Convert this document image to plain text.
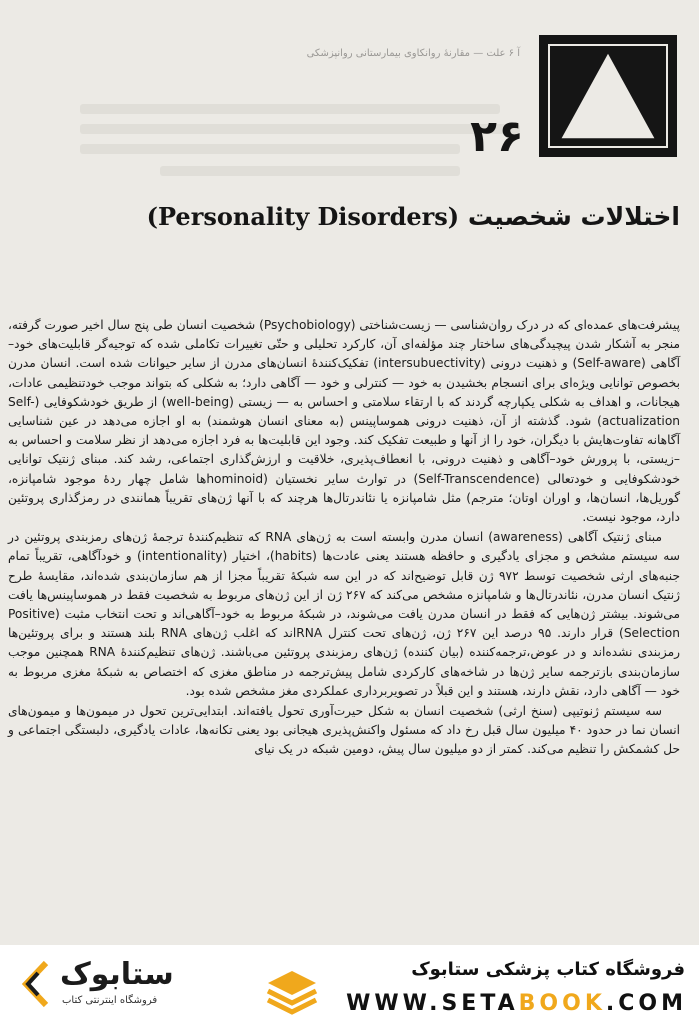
آ ۶ علت — مقارنۀ روانکاوی بیمارستانی روانپزشکی
۲۶
اختلالات شخصیت (Personality Disorders)

پیشرفت‌های عمده‌ای که در درک روان‌شناسی — زیست‌شناختی (Psychobiology) شخصیت انسان طی پنج سال اخیر صورت گرفته، منجر به آشکار شدن پیچیدگی‌های ساختار چند مؤلفه‌ای آن، کارکرد تحلیلی و حتّی تغییرات تکاملی شده که توجیه‌گر قابلیت‌های خود–آگاهی (Self-aware) و ذهنیت درونی (intersubuectivity) تفکیک‌کنندۀ انسان‌های مدرن از سایر حیوانات شده است. انسان مدرن بخصوص توانایی ویژه‌ای برای انسجام بخشیدن به خود — کنترلی و خود — آگاهی دارد؛ به شکلی که بتواند موجب خودتنظیمی عادات، هیجانات، و اهداف به شکلی یکپارچه گردند که با ارتقاء سلامتی و احساس به — زیستی (well-being) از طریق خودشکوفایی (Self-actualization) شود. گذشته از آن، ذهنیت درونی هموساپینس (به معنای انسان هوشمند) به او اجازه می‌دهد در عین شناسایی آگاهانه تفاوت‌هایش با دیگران، خود را از آنها و طبیعت تفکیک کند. وجود این قابلیت‌ها به فرد اجازه می‌دهد از نظر سلامت و احساس به –زیستی، با پرورش خود–آگاهی و ذهنیت درونی، با انعطاف‌پذیری، خلاقیت و ارزش‌گذاری اجتماعی، رشد کند. مبنای ژنتیک توانایی خودشکوفایی و خودتعالی (Self-Transcendence) در توارث سایر نخستیان (hominoidها شامل چهار ردۀ موجود شامپانزه، گوریل‌ها، انسان‌ها، و اوران اوتان؛ مترجم) مثل شامپانزه یا نئاندرتال‌ها هرچند که با آنها ژن‌های تقریباً همانندی در رمزگذاری پروتئین دارد، موجود نیست.

مبنای ژنتیک آگاهی (awareness) انسان مدرن وابسته است به ژن‌های RNA که تنظیم‌کنندۀ ترجمۀ ژن‌های رمزبندی پروتئین در سه سیستم مشخص و مجزای یادگیری و حافظه هستند یعنی عادت‌ها (habits)، اختیار (intentionality) و خودآگاهی، تقریباً تمام جنبه‌های ارثی شخصیت توسط ۹۷۲ ژن قابل توضیح‌اند که در این سه شبکۀ تقریباً مجزا از هم سازمان‌بندی شده‌اند، مقایسۀ طرح ژنتیک انسان مدرن، نئاندرتال‌ها و شامپانزه مشخص می‌کند که ۲۶۷ ژن از این ژن‌های مربوط به شخصیت فقط در هموساپینس‌ها یافت می‌شوند. بیشتر ژن‌هایی که فقط در انسان مدرن یافت می‌شوند، در شبکۀ مربوط به خود–آگاهی‌اند و تحت انتخاب مثبت (Positive Selection) قرار دارند. ۹۵ درصد این ۲۶۷ ژن، ژن‌های تحت کنترل RNAاند که اغلب ژن‌های RNA بلند هستند و برای پروتئین‌ها رمزبندی نشده‌اند و در عوض،ترجمه‌کننده (بیان کننده) ژن‌های رمزبندی پروتئین می‌باشند. ژن‌های تنظیم‌کنندۀ RNA همچنین موجب سازمان‌بندی بازترجمه سایر ژن‌ها در شاخه‌های کارکردی شامل پیش‌ترجمه در مناطق مغزی که اختصاص به شبکۀ مغزی مربوط به خود — آگاهی دارد، نقش دارند، هستند و این قبلاً در تصویربرداری عملکردی مغز مشخص شده بود.

سه سیستم ژنوتیپی (سنخ ارثی) شخصیت انسان به شکل حیرت‌آوری تحول یافته‌اند. ابتدایی‌ترین تحول در میمون‌ها و میمون‌های انسان نما در حدود ۴۰ میلیون سال قبل رخ داد که مسئول واکنش‌پذیری هیجانی بود یعنی تکانه‌ها، عادات یادگیری، دلبستگی اجتماعی و حل کشمکش را تنظیم می‌کند. کمتر از دو میلیون سال پیش، دومین شبکه در یک نیای

ستابوک
فروشگاه اینترنتی کتاب
فروشگاه کتاب پزشکی ستابوک
WWW.SETABOOK.COM
